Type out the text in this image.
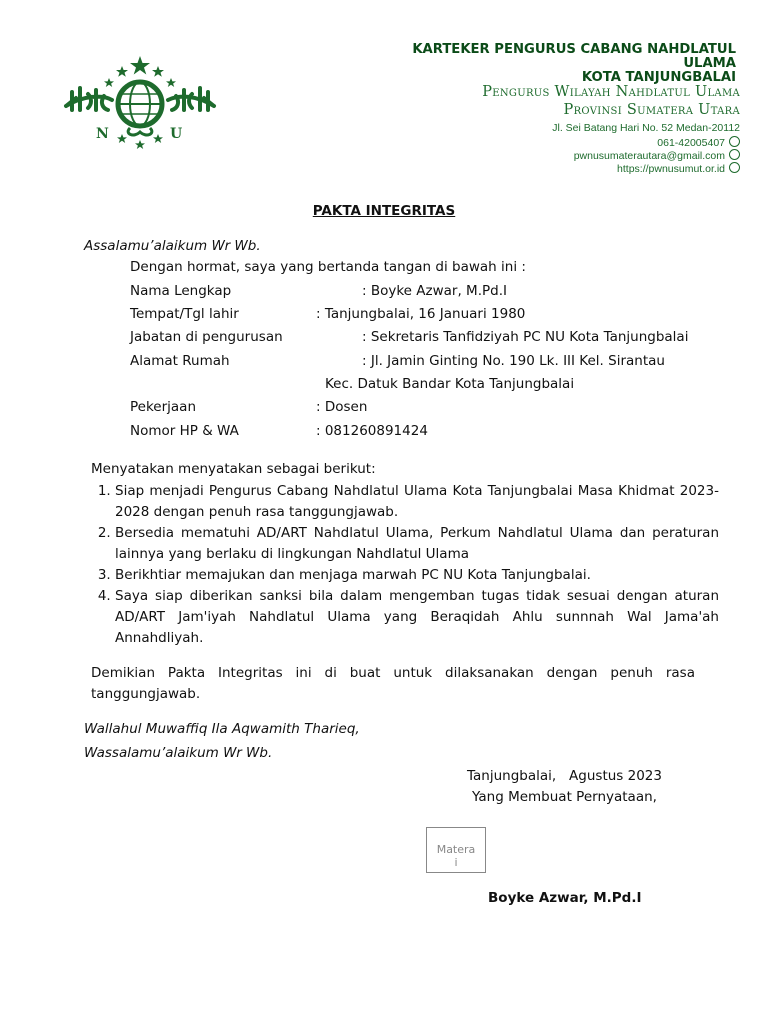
N	U
KARTEKER PENGURUS CABANG NAHDLATUL
ULAMA
KOTA TANJUNGBALAI
Pengurus Wilayah Nahdlatul Ulama
Provinsi Sumatera Utara
Jl. Sei Batang Hari No. 52 Medan-20112
061-42005407
pwnusumaterautara@gmail.com
https://pwnusumut.or.id
PAKTA INTEGRITAS
Assalamu’alaikum Wr Wb.
Dengan hormat, saya yang bertanda tangan di bawah ini :
Nama Lengkap	: Boyke Azwar, M.Pd.I
Tempat/Tgl lahir	: Tanjungbalai, 16 Januari 1980
Jabatan di pengurusan	: Sekretaris Tanfidziyah PC NU Kota Tanjungbalai
Alamat Rumah	: Jl. Jamin Ginting No. 190 Lk. III Kel. Sirantau
Kec. Datuk Bandar Kota Tanjungbalai
Pekerjaan	: Dosen
Nomor HP & WA	: 081260891424
Menyatakan menyatakan sebagai berikut:
1. Siap menjadi Pengurus Cabang Nahdlatul Ulama Kota Tanjungbalai Masa Khidmat 2023-2028 dengan penuh rasa tanggungjawab.
2. Bersedia mematuhi AD/ART Nahdlatul Ulama, Perkum Nahdlatul Ulama dan peraturan lainnya yang berlaku di lingkungan Nahdlatul Ulama
3. Berikhtiar memajukan dan menjaga marwah PC NU Kota Tanjungbalai.
4. Saya siap diberikan sanksi bila dalam mengemban tugas tidak sesuai dengan aturan AD/ART Jam'iyah Nahdlatul Ulama yang Beraqidah Ahlu sunnnah Wal Jama'ah Annahdliyah.
Demikian Pakta Integritas ini di buat untuk dilaksanakan dengan penuh rasa tanggungjawab.
Wallahul Muwaffiq Ila Aqwamith Tharieq,
Wassalamu’alaikum Wr Wb.
Tanjungbalai,   Agustus 2023
Yang Membuat Pernyataan,
Materai
Boyke Azwar, M.Pd.I
